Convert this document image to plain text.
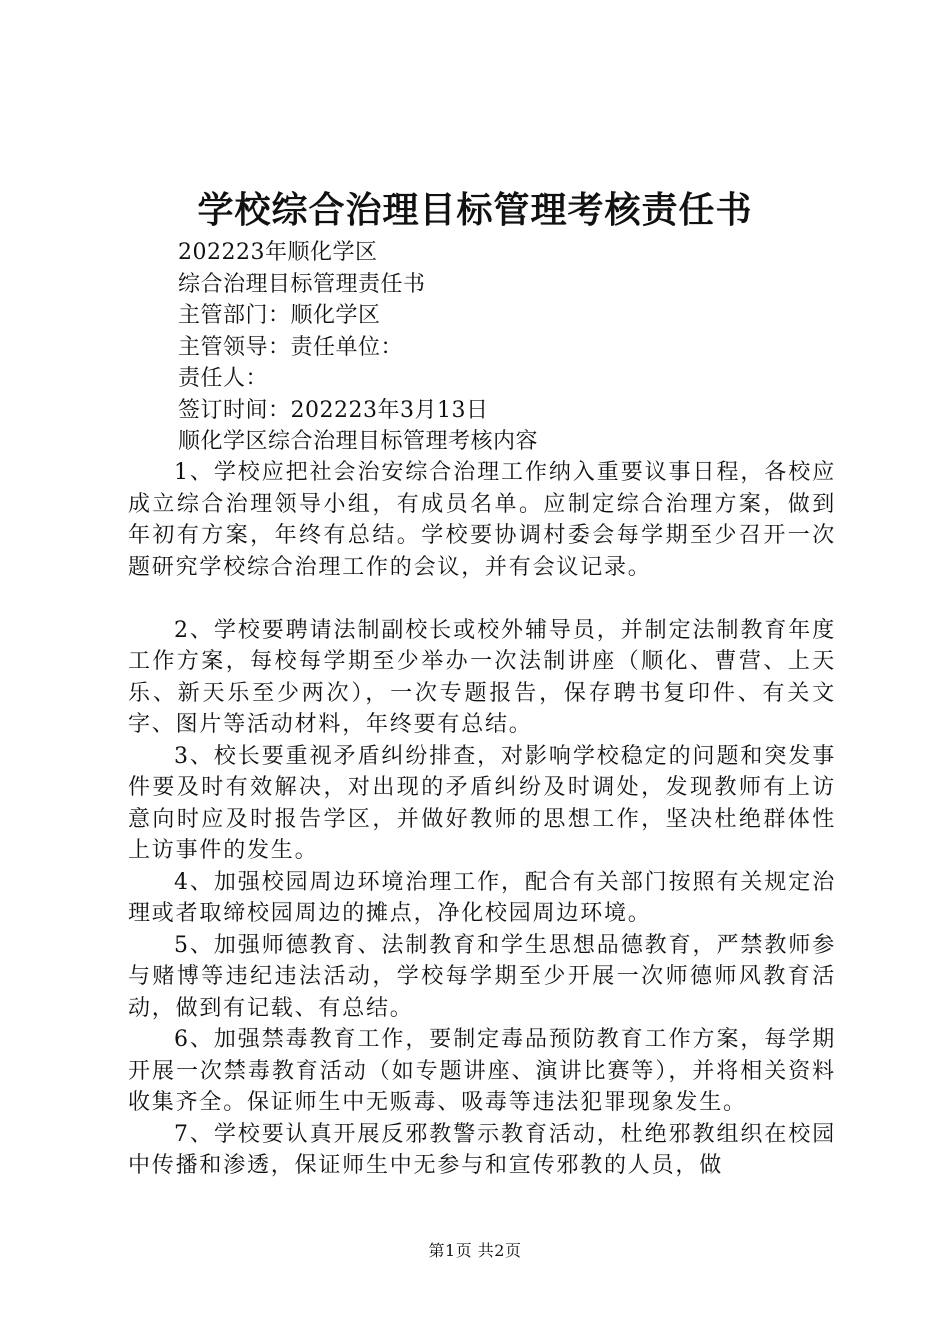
学校综合治理目标管理考核责任书
202223年顺化学区
综合治理目标管理责任书
主管部门：顺化学区
主管领导：责任单位：
责任人：
签订时间：202223年3月13日
顺化学区综合治理目标管理考核内容

1、学校应把社会治安综合治理工作纳入重要议事日程，各校应成立综合治理领导小组，有成员名单。应制定综合治理方案，做到年初有方案，年终有总结。学校要协调村委会每学期至少召开一次题研究学校综合治理工作的会议，并有会议记录。

2、学校要聘请法制副校长或校外辅导员，并制定法制教育年度工作方案，每校每学期至少举办一次法制讲座（顺化、曹营、上天乐、新天乐至少两次），一次专题报告，保存聘书复印件、有关文字、图片等活动材料，年终要有总结。

3、校长要重视矛盾纠纷排查，对影响学校稳定的问题和突发事件要及时有效解决，对出现的矛盾纠纷及时调处，发现教师有上访意向时应及时报告学区，并做好教师的思想工作，坚决杜绝群体性上访事件的发生。

4、加强校园周边环境治理工作，配合有关部门按照有关规定治理或者取缔校园周边的摊点，净化校园周边环境。

5、加强师德教育、法制教育和学生思想品德教育，严禁教师参与赌博等违纪违法活动，学校每学期至少开展一次师德师风教育活动，做到有记载、有总结。

6、加强禁毒教育工作，要制定毒品预防教育工作方案，每学期开展一次禁毒教育活动（如专题讲座、演讲比赛等），并将相关资料收集齐全。保证师生中无贩毒、吸毒等违法犯罪现象发生。

7、学校要认真开展反邪教警示教育活动，杜绝邪教组织在校园中传播和渗透，保证师生中无参与和宣传邪教的人员，做

第1页 共2页
